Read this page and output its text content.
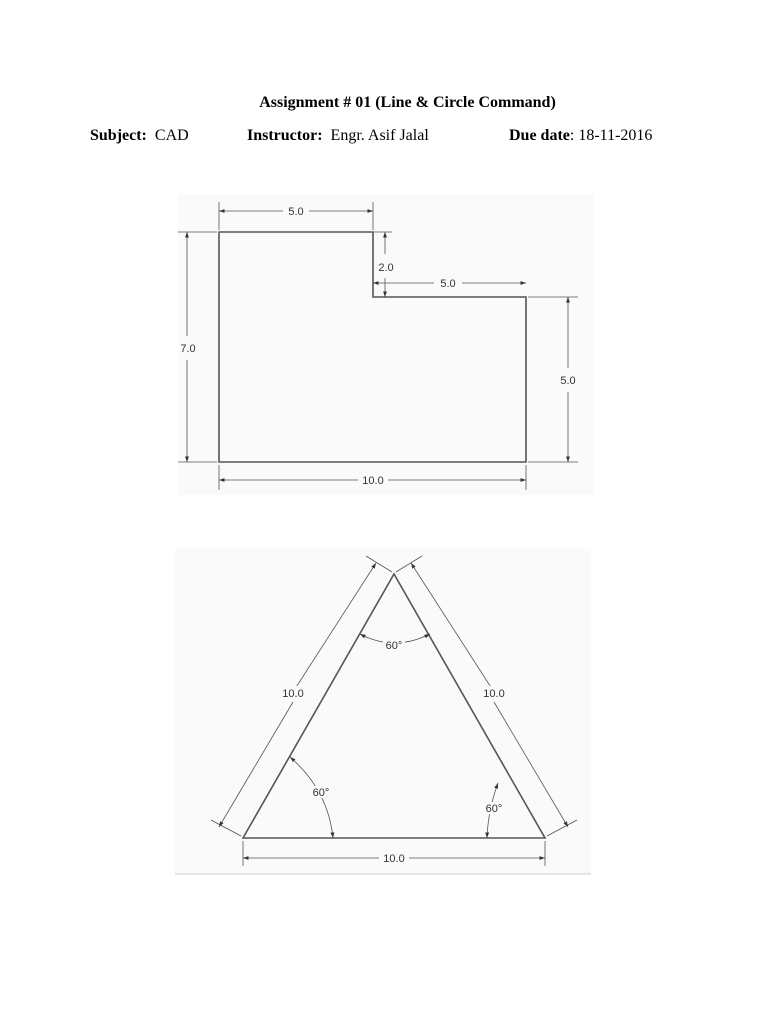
Assignment # 01 (Line & Circle Command)
Subject: CAD	Instructor: Engr. Asif Jalal	Due date: 18-11-2016
5.0
2.0
5.0
7.0
5.0
10.0
10.0	10.0
10.0
60°
60°
60°
